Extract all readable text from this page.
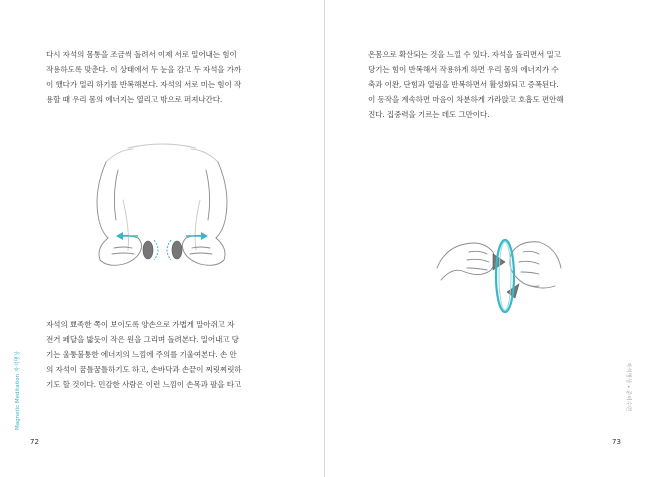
다시 자석의 몸통을 조금씩 돌려서 이제 서로 밀어내는 힘이

작용하도록 맞춘다. 이 상태에서 두 눈을 감고 두 자석을 가까

이 했다가 멀리 하기를 반복해본다. 자석의 서로 미는 힘이 작

용할 때 우리 몸의 에너지는 열리고 밖으로 퍼져나간다.

자석의 뾰족한 쪽이 보이도록 양손으로 가볍게 말아쥐고 자

전거 페달을 밟듯이 작은 원을 그리며 돌려본다. 밀어내고 당

기는 울퉁불퉁한 에너지의 느낌에 주의를 기울여본다. 손 안

의 자석이 꿈틀꿈틀하기도 하고, 손바닥과 손끝이 찌릿찌릿하

기도 할 것이다. 민감한 사람은 이런 느낌이 손목과 팔을 타고

Magnetic Meditation 자석명상
72

온몸으로 확산되는 것을 느낄 수 있다. 자석을 돌리면서 밀고

당기는 힘이 반복해서 작용하게 하면 우리 몸의 에너지가 수

축과 이완, 단힘과 열림을 반복하면서 활성화되고 증폭된다.

이 동작을 계속하면 마음이 차분하게 가라앉고 호흡도 편안해

진다. 집중력을 기르는 데도 그만이다.

자석명상 • 준비수련
73
